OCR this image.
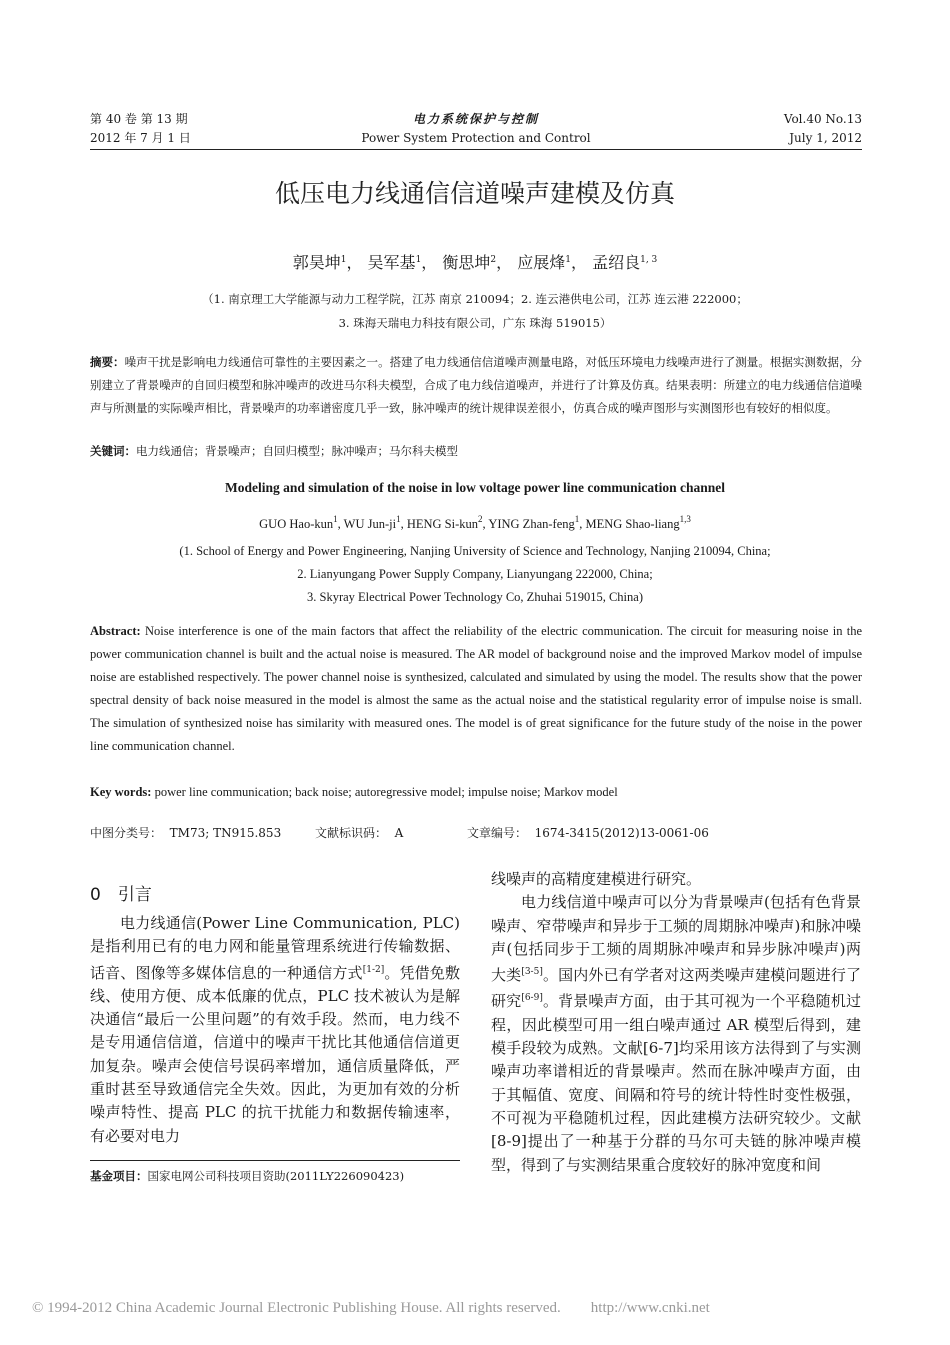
第 40 卷 第 13 期
2012 年 7 月 1 日
电力系统保护与控制
Power System Protection and Control
Vol.40 No.13
July 1, 2012
低压电力线通信信道噪声建模及仿真
郭昊坤$^1$， 吴军基$^1$， 衡思坤$^2$， 应展烽$^1$， 孟绍良$^{1, 3}$
（1. 南京理工大学能源与动力工程学院，江苏 南京 210094；2. 连云港供电公司，江苏 连云港 222000；
3. 珠海天瑞电力科技有限公司，广东 珠海 519015）
摘要：噪声干扰是影响电力线通信可靠性的主要因素之一。搭建了电力线通信信道噪声测量电路，对低压环境电力线噪声进行了测量。根据实测数据，分别建立了背景噪声的自回归模型和脉冲噪声的改进马尔科夫模型，合成了电力线信道噪声，并进行了计算及仿真。结果表明：所建立的电力线通信信道噪声与所测量的实际噪声相比，背景噪声的功率谱密度几乎一致，脉冲噪声的统计规律误差很小，仿真合成的噪声图形与实测图形也有较好的相似度。
关键词：电力线通信；背景噪声；自回归模型；脉冲噪声；马尔科夫模型
Modeling and simulation of the noise in low voltage power line communication channel
GUO Hao-kun$^1$, WU Jun-$ji^1$, HENG Si-kun$^2$, YING Zhan-feng$^1$, MENG Shao-liang$^{1,3}$
(1. School of Energy and Power Engineering, Nanjing University of Science and Technology, Nanjing 210094, China;
2. Lianyungang Power Supply Company, Lianyungang 222000, China;
3. Skyray Electrical Power Technology Co, Zhuhai 519015, China)
Abstract: Noise interference is one of the main factors that affect the reliability of the electric communication. The circuit for measuring noise in the power communication channel is built and the actual noise is measured. The AR model of background noise and the improved Markov model of impulse noise are established respectively. The power channel noise is synthesized, calculated and simulated by using the model. The results show that the power spectral density of back noise measured in the model is almost the same as the actual noise and the statistical regularity error of impulse noise is small. The simulation of synthesized noise has similarity with measured ones. The model is of great significance for the future study of the noise in the power line communication channel.
Key words: power line communication; back noise; autoregressive model; impulse noise; Markov model
中图分类号： TM73; TN915.853	文献标识码： A	文章编号： 1674-3415(2012)13-0061-06
0　引言

电力线通信(Power Line Communication, PLC)是指利用已有的电力网和能量管理系统进行传输数据、话音、图像等多媒体信息的一种通信方式[1-2]。凭借免敷线、使用方便、成本低廉的优点，PLC 技术被认为是解决通信“最后一公里问题”的有效手段。然而，电力线不是专用通信信道，信道中的噪声干扰比其他通信信道更加复杂。噪声会使信号误码率增加，通信质量降低，严重时甚至导致通信完全失效。因此，为更加有效的分析噪声特性、提高 PLC 的抗干扰能力和数据传输速率，有必要对电力

线噪声的高精度建模进行研究。

电力线信道中噪声可以分为背景噪声(包括有色背景噪声、窄带噪声和异步于工频的周期脉冲噪声)和脉冲噪声(包括同步于工频的周期脉冲噪声和异步脉冲噪声)两大类[3-5]。国内外已有学者对这两类噪声建模问题进行了研究[6-9]。背景噪声方面，由于其可视为一个平稳随机过程，因此模型可用一组白噪声通过 AR 模型后得到，建模手段较为成熟。文献[6-7]均采用该方法得到了与实测噪声功率谱相近的背景噪声。然而在脉冲噪声方面，由于其幅值、宽度、间隔和符号的统计特性时变性极强，不可视为平稳随机过程，因此建模方法研究较少。文献[8-9]提出了一种基于分群的马尔可夫链的脉冲噪声模型，得到了与实测结果重合度较好的脉冲宽度和间

基金项目：国家电网公司科技项目资助(2011LY226090423)
© 1994-2012 China Academic Journal Electronic Publishing House. All rights reserved.　　http://www.cnki.net
